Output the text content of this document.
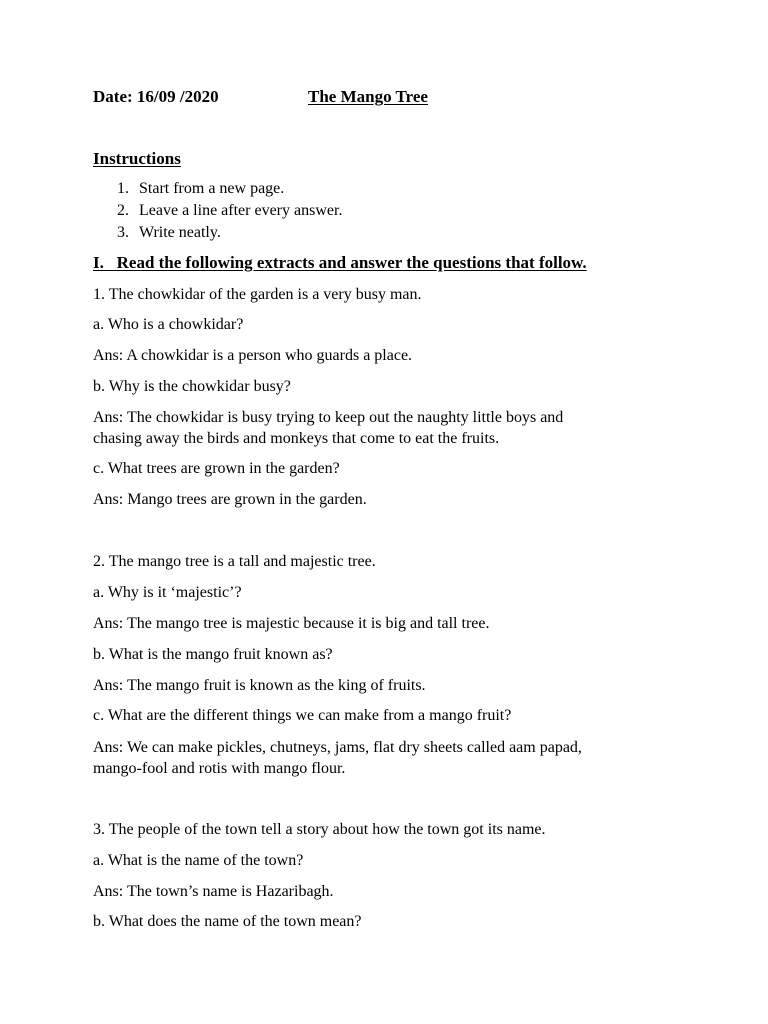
Date: 16/09 /2020	The Mango Tree
Instructions
1. Start from a new page.
2. Leave a line after every answer.
3. Write neatly.
I.   Read the following extracts and answer the questions that follow.
1. The chowkidar of the garden is a very busy man.
a. Who is a chowkidar?
Ans: A chowkidar is a person who guards a place.
b. Why is the chowkidar busy?
Ans: The chowkidar is busy trying to keep out the naughty little boys and
chasing away the birds and monkeys that come to eat the fruits.
c. What trees are grown in the garden?
Ans: Mango trees are grown in the garden.
2. The mango tree is a tall and majestic tree.
a. Why is it ‘majestic’?
Ans: The mango tree is majestic because it is big and tall tree.
b. What is the mango fruit known as?
Ans: The mango fruit is known as the king of fruits.
c. What are the different things we can make from a mango fruit?
Ans: We can make pickles, chutneys, jams, flat dry sheets called aam papad,
mango-fool and rotis with mango flour.
3. The people of the town tell a story about how the town got its name.
a. What is the name of the town?
Ans: The town’s name is Hazaribagh.
b. What does the name of the town mean?
